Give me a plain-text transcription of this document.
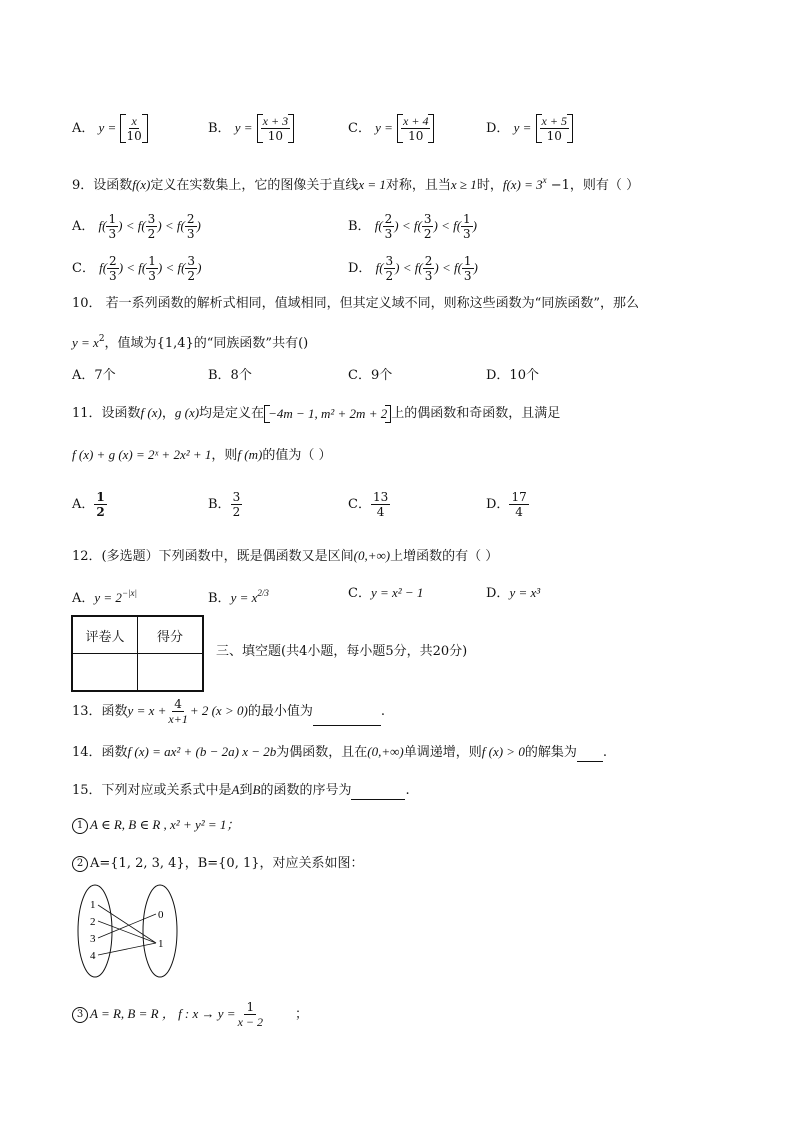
A． y = x
10	B． y = x + 3
10	C． y = x + 4
10	D． y = x + 5
10
9．设函数f(x)定义在实数集上，它的图像关于直线x = 1对称，且当x ≥ 1时，$f(x) = 3^x -1$，则有（ ）
A． $f( \frac{1}{3}$ ) < $f( \frac{3}{2}$ ) < $f( \frac{2}{3}$ )	B． $f( \frac{2}{3}$ ) < $f( \frac{3}{2}$ ) < $f( \frac{1}{3}$ )
C． $f( \frac{2}{3}$ ) < $f( \frac{1}{3}$ ) < $f( \frac{3}{2}$ )	D． $f( \frac{3}{2}$ ) < $f( \frac{2}{3}$ ) < $f( \frac{1}{3}$ )
10． 若一系列函数的解析式相同，值域相同，但其定义域不同，则称这些函数为“同族函数”，那么
$y = x^2$，值域为{1,4}的“同族函数”共有()
A．7个	B．8个	C．9个	D．10个
11．设函数f (x)，g (x)均是定义在 −4m − 1, m² + 2m + 2 上的偶函数和奇函数，且满足
f (x) + g (x) = 2ˣ + 2x² + 1，则f (m)的值为（ ）
A． $\frac{1}{2}$	B． $\frac{3}{2}$	C． $\frac{13}{4}$	D． $\frac{17}{4}$
12．(多选题）下列函数中，既是偶函数又是区间(0,+∞)上增函数的有（ ）
A．$y = 2^{-|x|}$	B．$y = x^{2/3}$	C．y = x² − 1	D．y = x³
评卷人	得分

三、填空题(共4小题，每小题5分，共20分)
13．函数$y = x + \frac{4}{x+1} + 2$ (x > 0)的最小值为	.
14．函数f (x) = ax² + (b − 2a) x − 2b为偶函数，且在(0,+∞)单调递增，则f (x) > 0的解集为 .
15．下列对应或关系式中是A到B的函数的序号为	.
1 A ∈ R, B ∈ R , x² + y² = 1；
2 A={1, 2, 3, 4}，B={0, 1}，对应关系如图：
1
2
3
4
0
1
3 A = R, B = R ， f : $x \to y = \frac{1}{x - 2}$ ；
